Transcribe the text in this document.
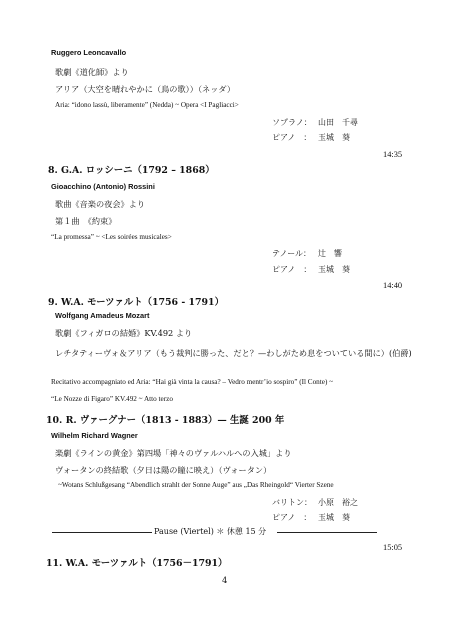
Ruggero Leoncavallo
歌劇《道化師》より
アリア（大空を晴れやかに（鳥の歌））（ネッダ）
Aria: “idono lassù, liberamente” (Nedda) ~ Opera <I Pagliacci>
ソプラノ： 山田　千尋
ピアノ　： 玉城　葵
14:35
8. G.A. ロッシーニ（1792 – 1868）
Gioacchino (Antonio) Rossini
歌曲《音楽の夜会》より
第１曲　《約束》
“La promessa” ~ <Les soirées musicales>
テノール： 辻　響
ピアノ　： 玉城　葵
14:40
9. W.A. モーツァルト（1756 - 1791）
Wolfgang Amadeus Mozart
歌劇《フィガロの結婚》KV.492 より
レチタティーヴォ＆アリア（もう裁判に勝った、だと？—わしがため息をついている間に）(伯爵)
Recitativo accompagniato ed Aria: “Hai già vinta la causa? – Vedro mentr’io sospiro” (Il Conte) ~
“Le Nozze di Figaro” KV.492 ~ Atto terzo
10. R. ヴァーグナー（1813 - 1883）— 生誕 200 年
Wilhelm Richard Wagner
楽劇《ラインの黄金》第四場「神々のヴァルハルへの入城」より
ヴォータンの終結歌（夕日は陽の瞳に映え）（ヴォータン）
~Wotans Schlußgesang “Abendlich strahlt der Sonne Auge” aus „Das Rheingold“ Vierter Szene
バリトン： 小原　裕之
ピアノ　： 玉城　葵
Pause (Viertel) ＊ 休憩 15 分
15:05
11. W.A. モーツァルト（1756－1791）
4
